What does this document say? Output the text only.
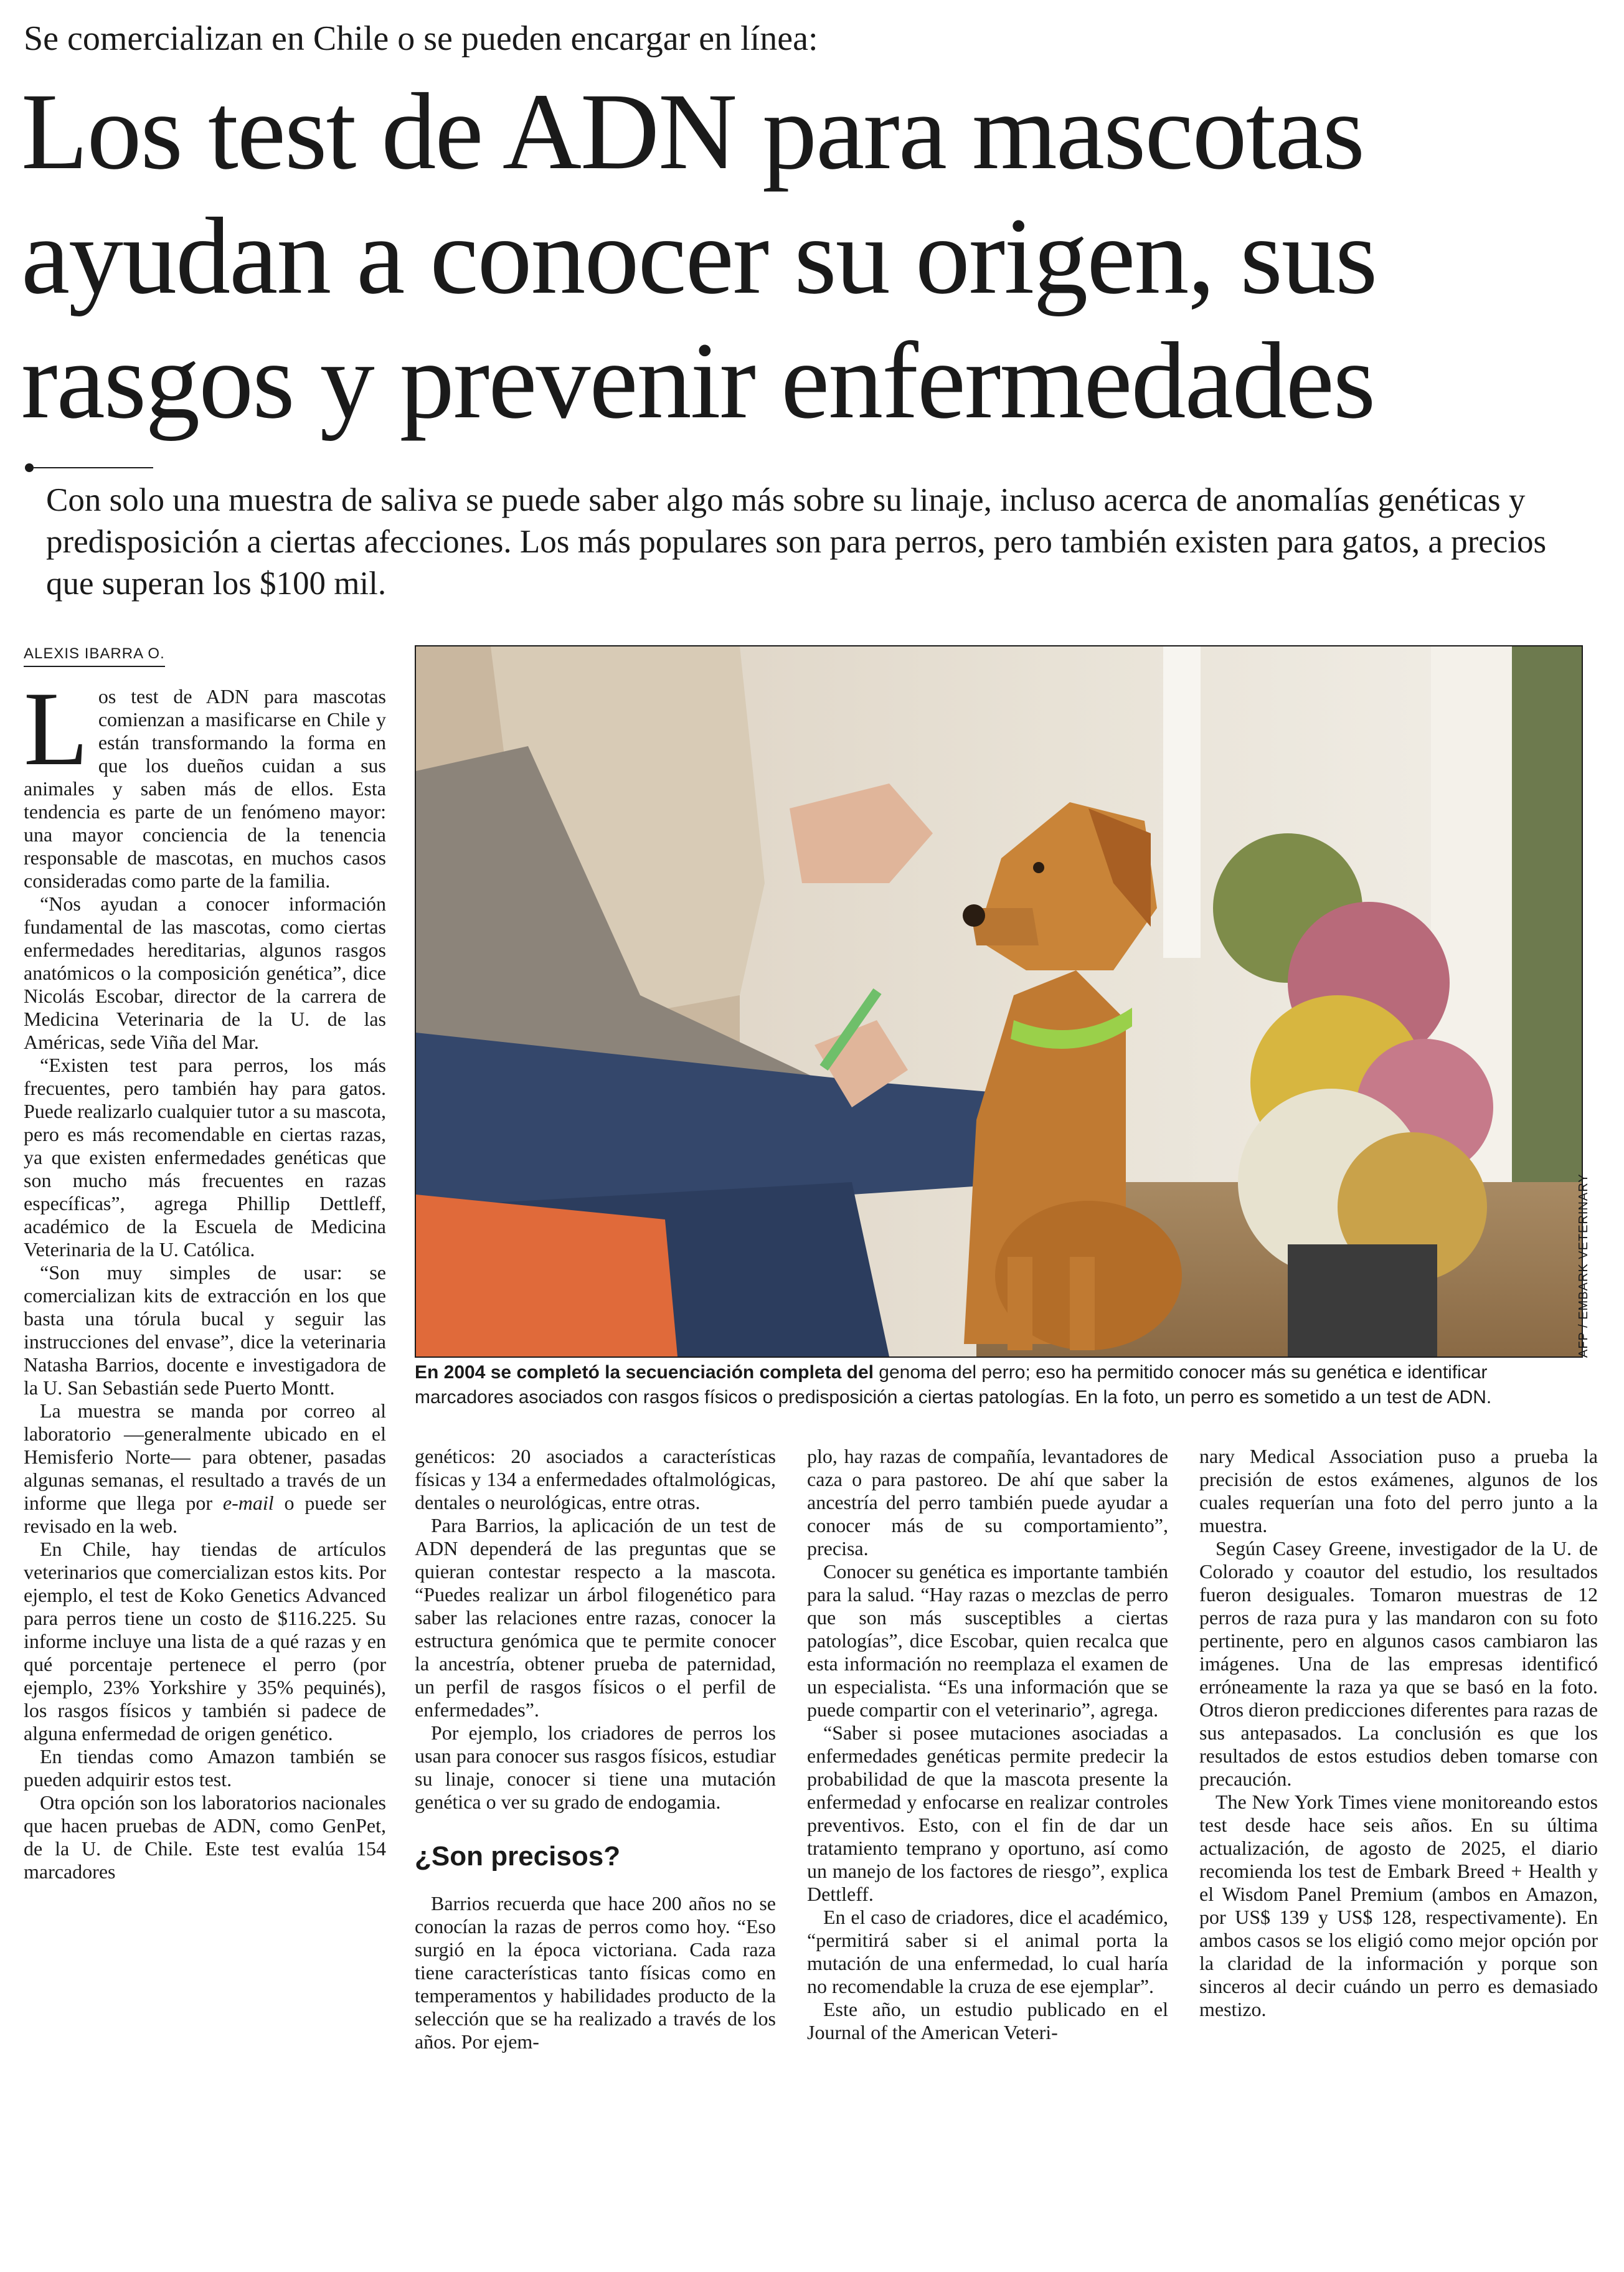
Se comercializan en Chile o se pueden encargar en línea:
Los test de ADN para mascotas ayudan a conocer su origen, sus rasgos y prevenir enfermedades

Con solo una muestra de saliva se puede saber algo más sobre su linaje, incluso acerca de anomalías genéticas y predisposición a ciertas afecciones. Los más populares son para perros, pero también existen para gatos, a precios que superan los $100 mil.

ALEXIS IBARRA O.

Los test de ADN para mascotas comienzan a masificarse en Chile y están transformando la forma en que los dueños cuidan a sus animales y saben más de ellos. Esta tendencia es parte de un fenómeno mayor: una mayor conciencia de la tenencia responsable de mascotas, en muchos casos consideradas como parte de la familia.

“Nos ayudan a conocer información fundamental de las mascotas, como ciertas enfermedades hereditarias, algunos rasgos anatómicos o la composición genética”, dice Nicolás Escobar, director de la carrera de Medicina Veterinaria de la U. de las Américas, sede Viña del Mar.

“Existen test para perros, los más frecuentes, pero también hay para gatos. Puede realizarlo cualquier tutor a su mascota, pero es más recomendable en ciertas razas, ya que existen enfermedades genéticas que son mucho más frecuentes en razas específicas”, agrega Phillip Dettleff, académico de la Escuela de Medicina Veterinaria de la U. Católica.

“Son muy simples de usar: se comercializan kits de extracción en los que basta una tórula bucal y seguir las instrucciones del envase”, dice la veterinaria Natasha Barrios, docente e investigadora de la U. San Sebastián sede Puerto Montt.

La muestra se manda por correo al laboratorio —generalmente ubicado en el Hemisferio Norte— para obtener, pasadas algunas semanas, el resultado a través de un informe que llega por e-mail o puede ser revisado en la web.

En Chile, hay tiendas de artículos veterinarios que comercializan estos kits. Por ejemplo, el test de Koko Genetics Advanced para perros tiene un costo de $116.225. Su informe incluye una lista de a qué razas y en qué porcentaje pertenece el perro (por ejemplo, 23% Yorkshire y 35% pequinés), los rasgos físicos y también si padece de alguna enfermedad de origen genético.

En tiendas como Amazon también se pueden adquirir estos test.

Otra opción son los laboratorios nacionales que hacen pruebas de ADN, como GenPet, de la U. de Chile. Este test evalúa 154 marcadores

AFP / EMBARK VETERINARY

En 2004 se completó la secuenciación completa del genoma del perro; eso ha permitido conocer más su genética e identificar marcadores asociados con rasgos físicos o predisposición a ciertas patologías. En la foto, un perro es sometido a un test de ADN.

genéticos: 20 asociados a características físicas y 134 a enfermedades oftalmológicas, dentales o neurológicas, entre otras.

Para Barrios, la aplicación de un test de ADN dependerá de las preguntas que se quieran contestar respecto a la mascota. “Puedes realizar un árbol filogenético para saber las relaciones entre razas, conocer la estructura genómica que te permite conocer la ancestría, obtener prueba de paternidad, un perfil de rasgos físicos o el perfil de enfermedades”.

Por ejemplo, los criadores de perros los usan para conocer sus rasgos físicos, estudiar su linaje, conocer si tiene una mutación genética o ver su grado de endogamia.

¿Son precisos?

Barrios recuerda que hace 200 años no se conocían la razas de perros como hoy. “Eso surgió en la época victoriana. Cada raza tiene características tanto físicas como en temperamentos y habilidades producto de la selección que se ha realizado a través de los años. Por ejem-

plo, hay razas de compañía, levantadores de caza o para pastoreo. De ahí que saber la ancestría del perro también puede ayudar a conocer más de su comportamiento”, precisa.

Conocer su genética es importante también para la salud. “Hay razas o mezclas de perro que son más susceptibles a ciertas patologías”, dice Escobar, quien recalca que esta información no reemplaza el examen de un especialista. “Es una información que se puede compartir con el veterinario”, agrega.

“Saber si posee mutaciones asociadas a enfermedades genéticas permite predecir la probabilidad de que la mascota presente la enfermedad y enfocarse en realizar controles preventivos. Esto, con el fin de dar un tratamiento temprano y oportuno, así como un manejo de los factores de riesgo”, explica Dettleff.

En el caso de criadores, dice el académico, “permitirá saber si el animal porta la mutación de una enfermedad, lo cual haría no recomendable la cruza de ese ejemplar”.

Este año, un estudio publicado en el Journal of the American Veteri-

nary Medical Association puso a prueba la precisión de estos exámenes, algunos de los cuales requerían una foto del perro junto a la muestra.

Según Casey Greene, investigador de la U. de Colorado y coautor del estudio, los resultados fueron desiguales. Tomaron muestras de 12 perros de raza pura y las mandaron con su foto pertinente, pero en algunos casos cambiaron las imágenes. Una de las empresas identificó erróneamente la raza ya que se basó en la foto. Otros dieron predicciones diferentes para razas de sus antepasados. La conclusión es que los resultados de estos estudios deben tomarse con precaución.

The New York Times viene monitoreando estos test desde hace seis años. En su última actualización, de agosto de 2025, el diario recomienda los test de Embark Breed + Health y el Wisdom Panel Premium (ambos en Amazon, por US$ 139 y US$ 128, respectivamente). En ambos casos se los eligió como mejor opción por la claridad de la información y porque son sinceros al decir cuándo un perro es demasiado mestizo.
